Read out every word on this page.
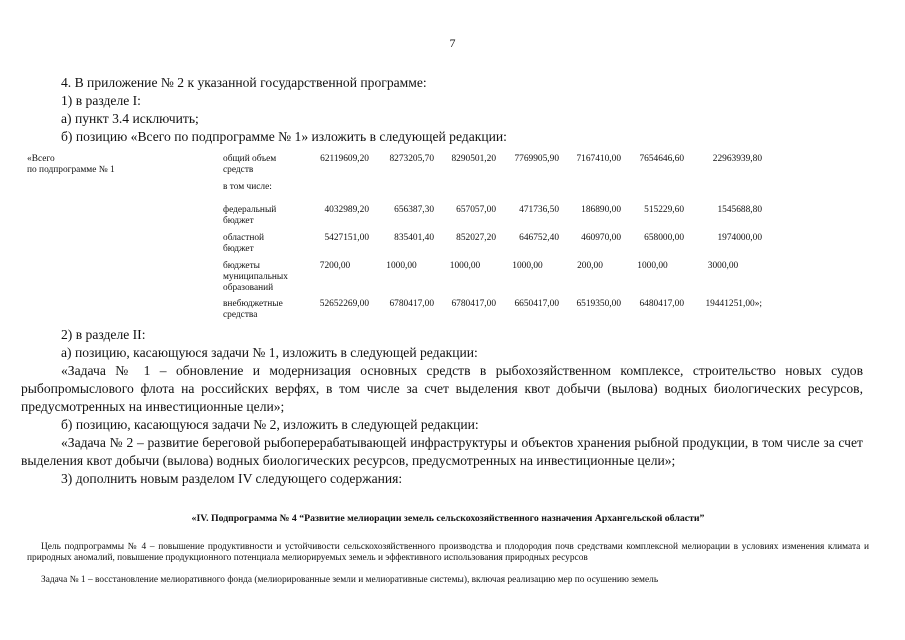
7

4. В приложение № 2 к указанной государственной программе:

1) в разделе I:

а) пункт 3.4 исключить;

б) позицию «Всего по подпрограмме № 1» изложить в следующей редакции:

«Всего
по подпрограмме № 1
общий объем
средств
62119609,20	8273205,70	8290501,20	7769905,90	7167410,00	7654646,60	22963939,80
в том числе:
федеральный
бюджет
4032989,20	656387,30	657057,00	471736,50	186890,00	515229,60	1545688,80
областной
бюджет
5427151,00	835401,40	852027,20	646752,40	460970,00	658000,00	1974000,00
бюджеты
муниципальных
образований
7200,00	1000,00	1000,00	1000,00	200,00	1000,00	3000,00
внебюджетные
средства
52652269,00	6780417,00	6780417,00	6650417,00	6519350,00	6480417,00	19441251,00»;

2) в разделе II:

а) позицию, касающуюся задачи № 1, изложить в следующей редакции:

«Задача № 1 – обновление и модернизация основных средств в рыбохозяйственном комплексе, строительство новых судов рыбопромыслового флота на российских верфях, в том числе за счет выделения квот добычи (вылова) водных биологических ресурсов, предусмотренных на инвестиционные цели»;

б) позицию, касающуюся задачи № 2, изложить в следующей редакции:

«Задача № 2 – развитие береговой рыбоперерабатывающей инфраструктуры и объектов хранения рыбной продукции, в том числе за счет выделения квот добычи (вылова) водных биологических ресурсов, предусмотренных на инвестиционные цели»;

3) дополнить новым разделом IV следующего содержания:

«IV. Подпрограмма № 4 “Развитие мелиорации земель сельскохозяйственного назначения Архангельской области”
Цель подпрограммы № 4 – повышение продуктивности и устойчивости сельскохозяйственного производства и плодородия почв средствами комплексной мелиорации в условиях изменения климата и природных аномалий, повышение продукционного потенциала мелиорируемых земель и эффективного использования природных ресурсов
Задача № 1 – восстановление мелиоративного фонда (мелиорированные земли и мелиоративные системы), включая реализацию мер по осушению земель
